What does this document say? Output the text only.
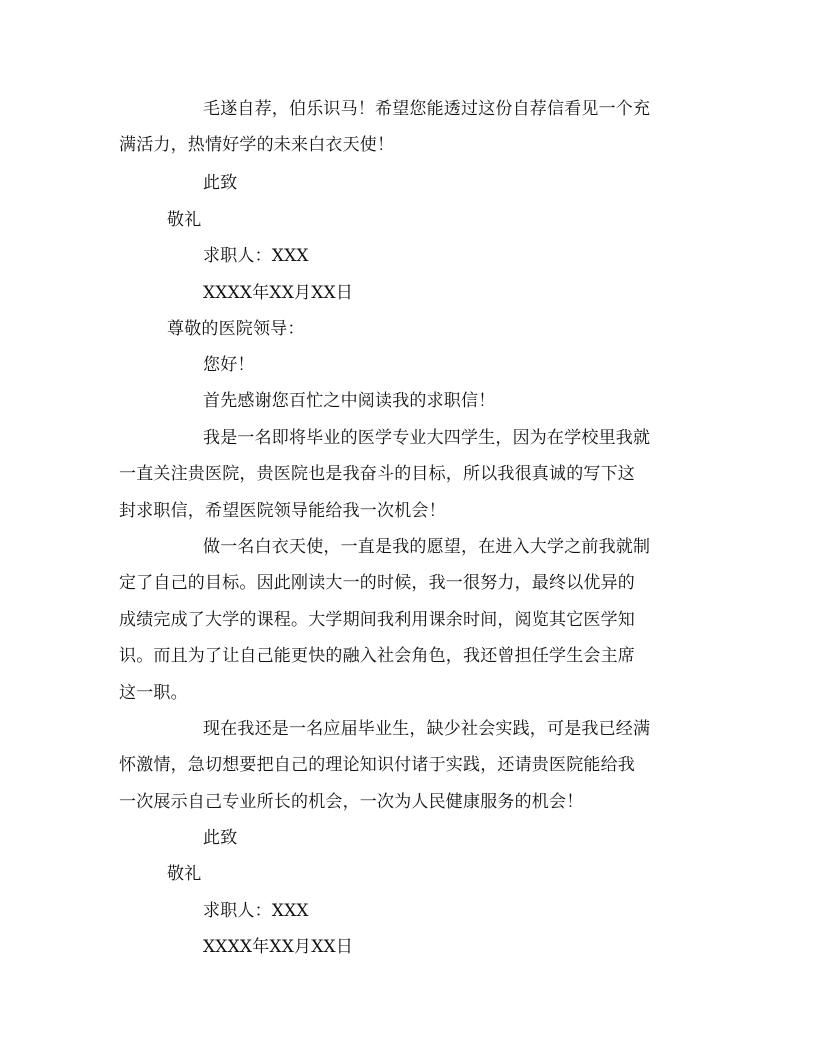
毛遂自荐，伯乐识马！希望您能透过这份自荐信看见一个充
满活力，热情好学的未来白衣天使！
此致
敬礼
求职人：XXX
XXXX年XX月XX日
尊敬的医院领导：
您好！
首先感谢您百忙之中阅读我的求职信！
我是一名即将毕业的医学专业大四学生，因为在学校里我就
一直关注贵医院，贵医院也是我奋斗的目标，所以我很真诚的写下这
封求职信，希望医院领导能给我一次机会！
做一名白衣天使，一直是我的愿望，在进入大学之前我就制
定了自己的目标。因此刚读大一的时候，我一很努力，最终以优异的
成绩完成了大学的课程。大学期间我利用课余时间，阅览其它医学知
识。而且为了让自己能更快的融入社会角色，我还曾担任学生会主席
这一职。
现在我还是一名应届毕业生，缺少社会实践，可是我已经满
怀激情，急切想要把自己的理论知识付诸于实践，还请贵医院能给我
一次展示自己专业所长的机会，一次为人民健康服务的机会！
此致
敬礼
求职人：XXX
XXXX年XX月XX日
